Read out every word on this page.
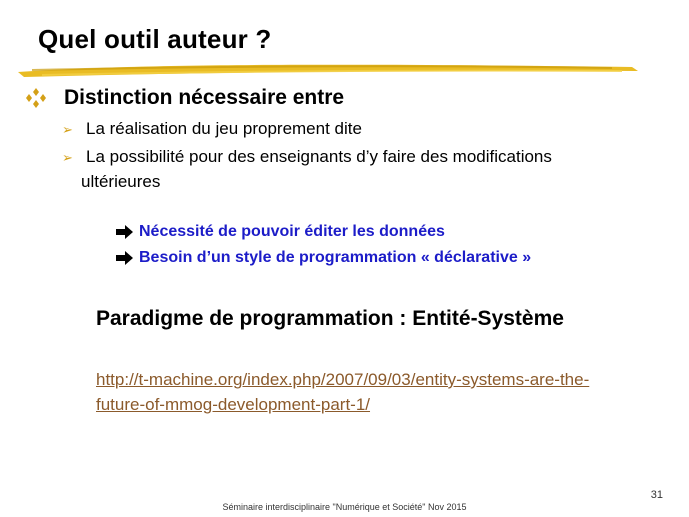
Quel outil auteur ?
Distinction nécessaire entre
➢ La réalisation du jeu proprement dite
➢ La possibilité pour des enseignants d’y faire des modifications
ultérieures
Nécessité de pouvoir éditer les données
Besoin d’un style de programmation « déclarative »
Paradigme de programmation : Entité-Système
http://t-machine.org/index.php/2007/09/03/entity-systems-are-the-
future-of-mmog-development-part-1/
31
Séminaire interdisciplinaire "Numérique et Société" Nov 2015
